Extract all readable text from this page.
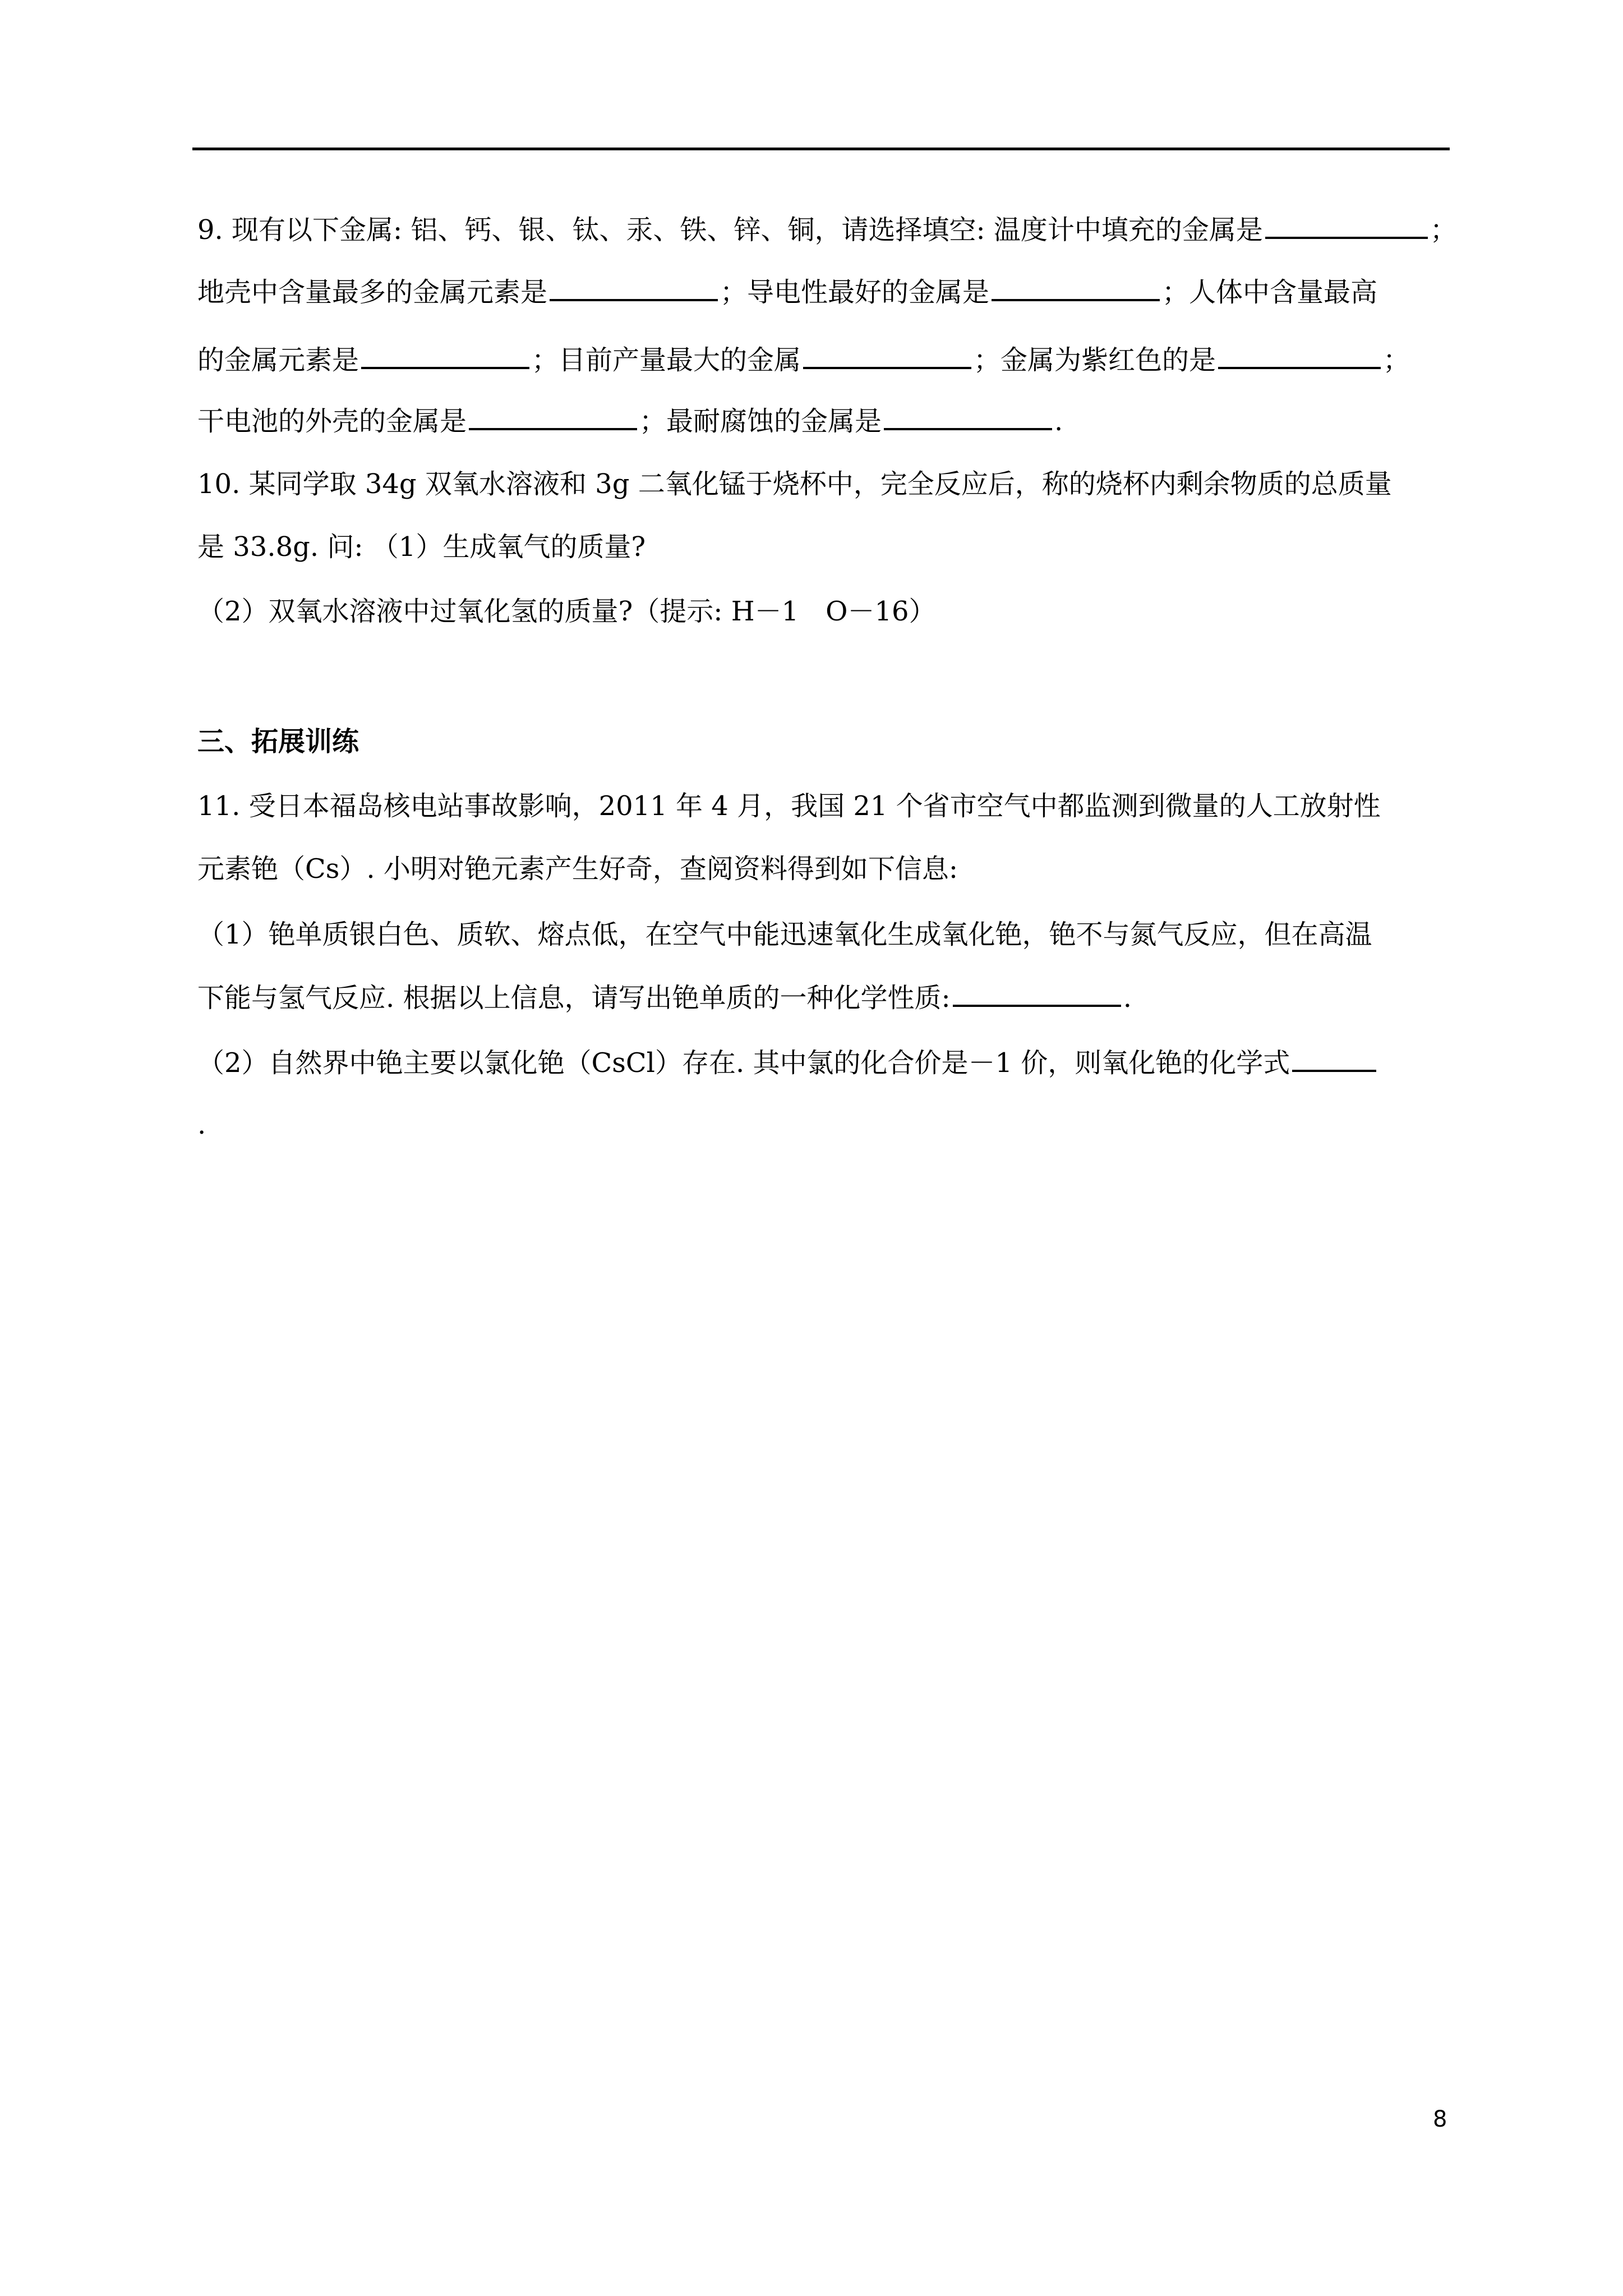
9. 现有以下金属: 铝、钙、银、钛、汞、铁、锌、铜，请选择填空: 温度计中填充的金属是	；
地壳中含量最多的金属元素是	；导电性最好的金属是	；人体中含量最高
的金属元素是	；目前产量最大的金属	；金属为紫红色的是	；
干电池的外壳的金属是	；最耐腐蚀的金属是	.
10. 某同学取 34g 双氧水溶液和 3g 二氧化锰于烧杯中，完全反应后，称的烧杯内剩余物质的总质量
是 33.8g. 问: （1）生成氧气的质量?
（2）双氧水溶液中过氧化氢的质量?（提示: H－1　O－16）
三、拓展训练
11. 受日本福岛核电站事故影响，2011 年 4 月，我国 21 个省市空气中都监测到微量的人工放射性
元素铯（Cs）. 小明对铯元素产生好奇，查阅资料得到如下信息:
（1）铯单质银白色、质软、熔点低，在空气中能迅速氧化生成氧化铯，铯不与氮气反应，但在高温
下能与氢气反应. 根据以上信息，请写出铯单质的一种化学性质:	.
（2）自然界中铯主要以氯化铯（CsCl）存在. 其中氯的化合价是－1 价，则氧化铯的化学式
.
8
